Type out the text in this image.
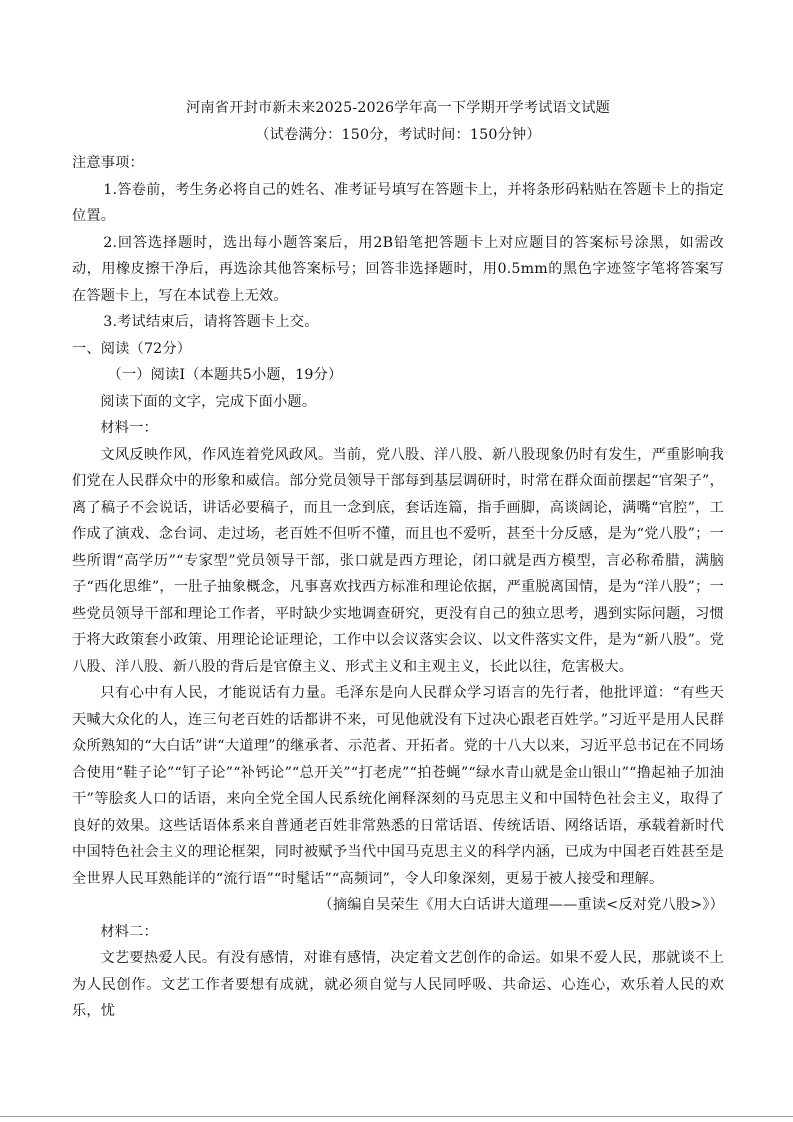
河南省开封市新未来2025-2026学年高一下学期开学考试语文试题

（试卷满分：150分，考试时间：150分钟）

注意事项：

1.答卷前，考生务必将自己的姓名、准考证号填写在答题卡上，并将条形码粘贴在答题卡上的指定位置。

2.回答选择题时，选出每小题答案后，用2B铅笔把答题卡上对应题目的答案标号涂黑，如需改动，用橡皮擦干净后，再选涂其他答案标号；回答非选择题时，用0.5mm的黑色字迹签字笔将答案写在答题卡上，写在本试卷上无效。

3.考试结束后，请将答题卡上交。

一、阅读（72分）

（一）阅读Ⅰ（本题共5小题，19分）

阅读下面的文字，完成下面小题。

材料一：

文风反映作风，作风连着党风政风。当前，党八股、洋八股、新八股现象仍时有发生，严重影响我们党在人民群众中的形象和威信。部分党员领导干部每到基层调研时，时常在群众面前摆起“官架子”，离了稿子不会说话，讲话必要稿子，而且一念到底，套话连篇，指手画脚，高谈阔论，满嘴“官腔”，工作成了演戏、念台词、走过场，老百姓不但听不懂，而且也不爱听，甚至十分反感，是为“党八股”；一些所谓“高学历”“专家型”党员领导干部，张口就是西方理论，闭口就是西方模型，言必称希腊，满脑子“西化思维”，一肚子抽象概念，凡事喜欢找西方标准和理论依据，严重脱离国情，是为“洋八股”；一些党员领导干部和理论工作者，平时缺少实地调查研究，更没有自己的独立思考，遇到实际问题，习惯于将大政策套小政策、用理论论证理论，工作中以会议落实会议、以文件落实文件，是为“新八股”。党八股、洋八股、新八股的背后是官僚主义、形式主义和主观主义，长此以往，危害极大。

只有心中有人民，才能说话有力量。毛泽东是向人民群众学习语言的先行者，他批评道：“有些天天喊大众化的人，连三句老百姓的话都讲不来，可见他就没有下过决心跟老百姓学。”习近平是用人民群众所熟知的“大白话”讲“大道理”的继承者、示范者、开拓者。党的十八大以来，习近平总书记在不同场合使用“鞋子论”“钉子论”“补钙论”“总开关”“打老虎”“拍苍蝇”“绿水青山就是金山银山”“撸起袖子加油干”等脍炙人口的话语，来向全党全国人民系统化阐释深刻的马克思主义和中国特色社会主义，取得了良好的效果。这些话语体系来自普通老百姓非常熟悉的日常话语、传统话语、网络话语，承载着新时代中国特色社会主义的理论框架，同时被赋予当代中国马克思主义的科学内涵，已成为中国老百姓甚至是全世界人民耳熟能详的“流行语”“时髦话”“高频词”，令人印象深刻，更易于被人接受和理解。

（摘编自吴荣生《用大白话讲大道理——重读<反对党八股>》）

材料二：

文艺要热爱人民。有没有感情，对谁有感情，决定着文艺创作的命运。如果不爱人民，那就谈不上为人民创作。文艺工作者要想有成就，就必须自觉与人民同呼吸、共命运、心连心，欢乐着人民的欢乐，忧
